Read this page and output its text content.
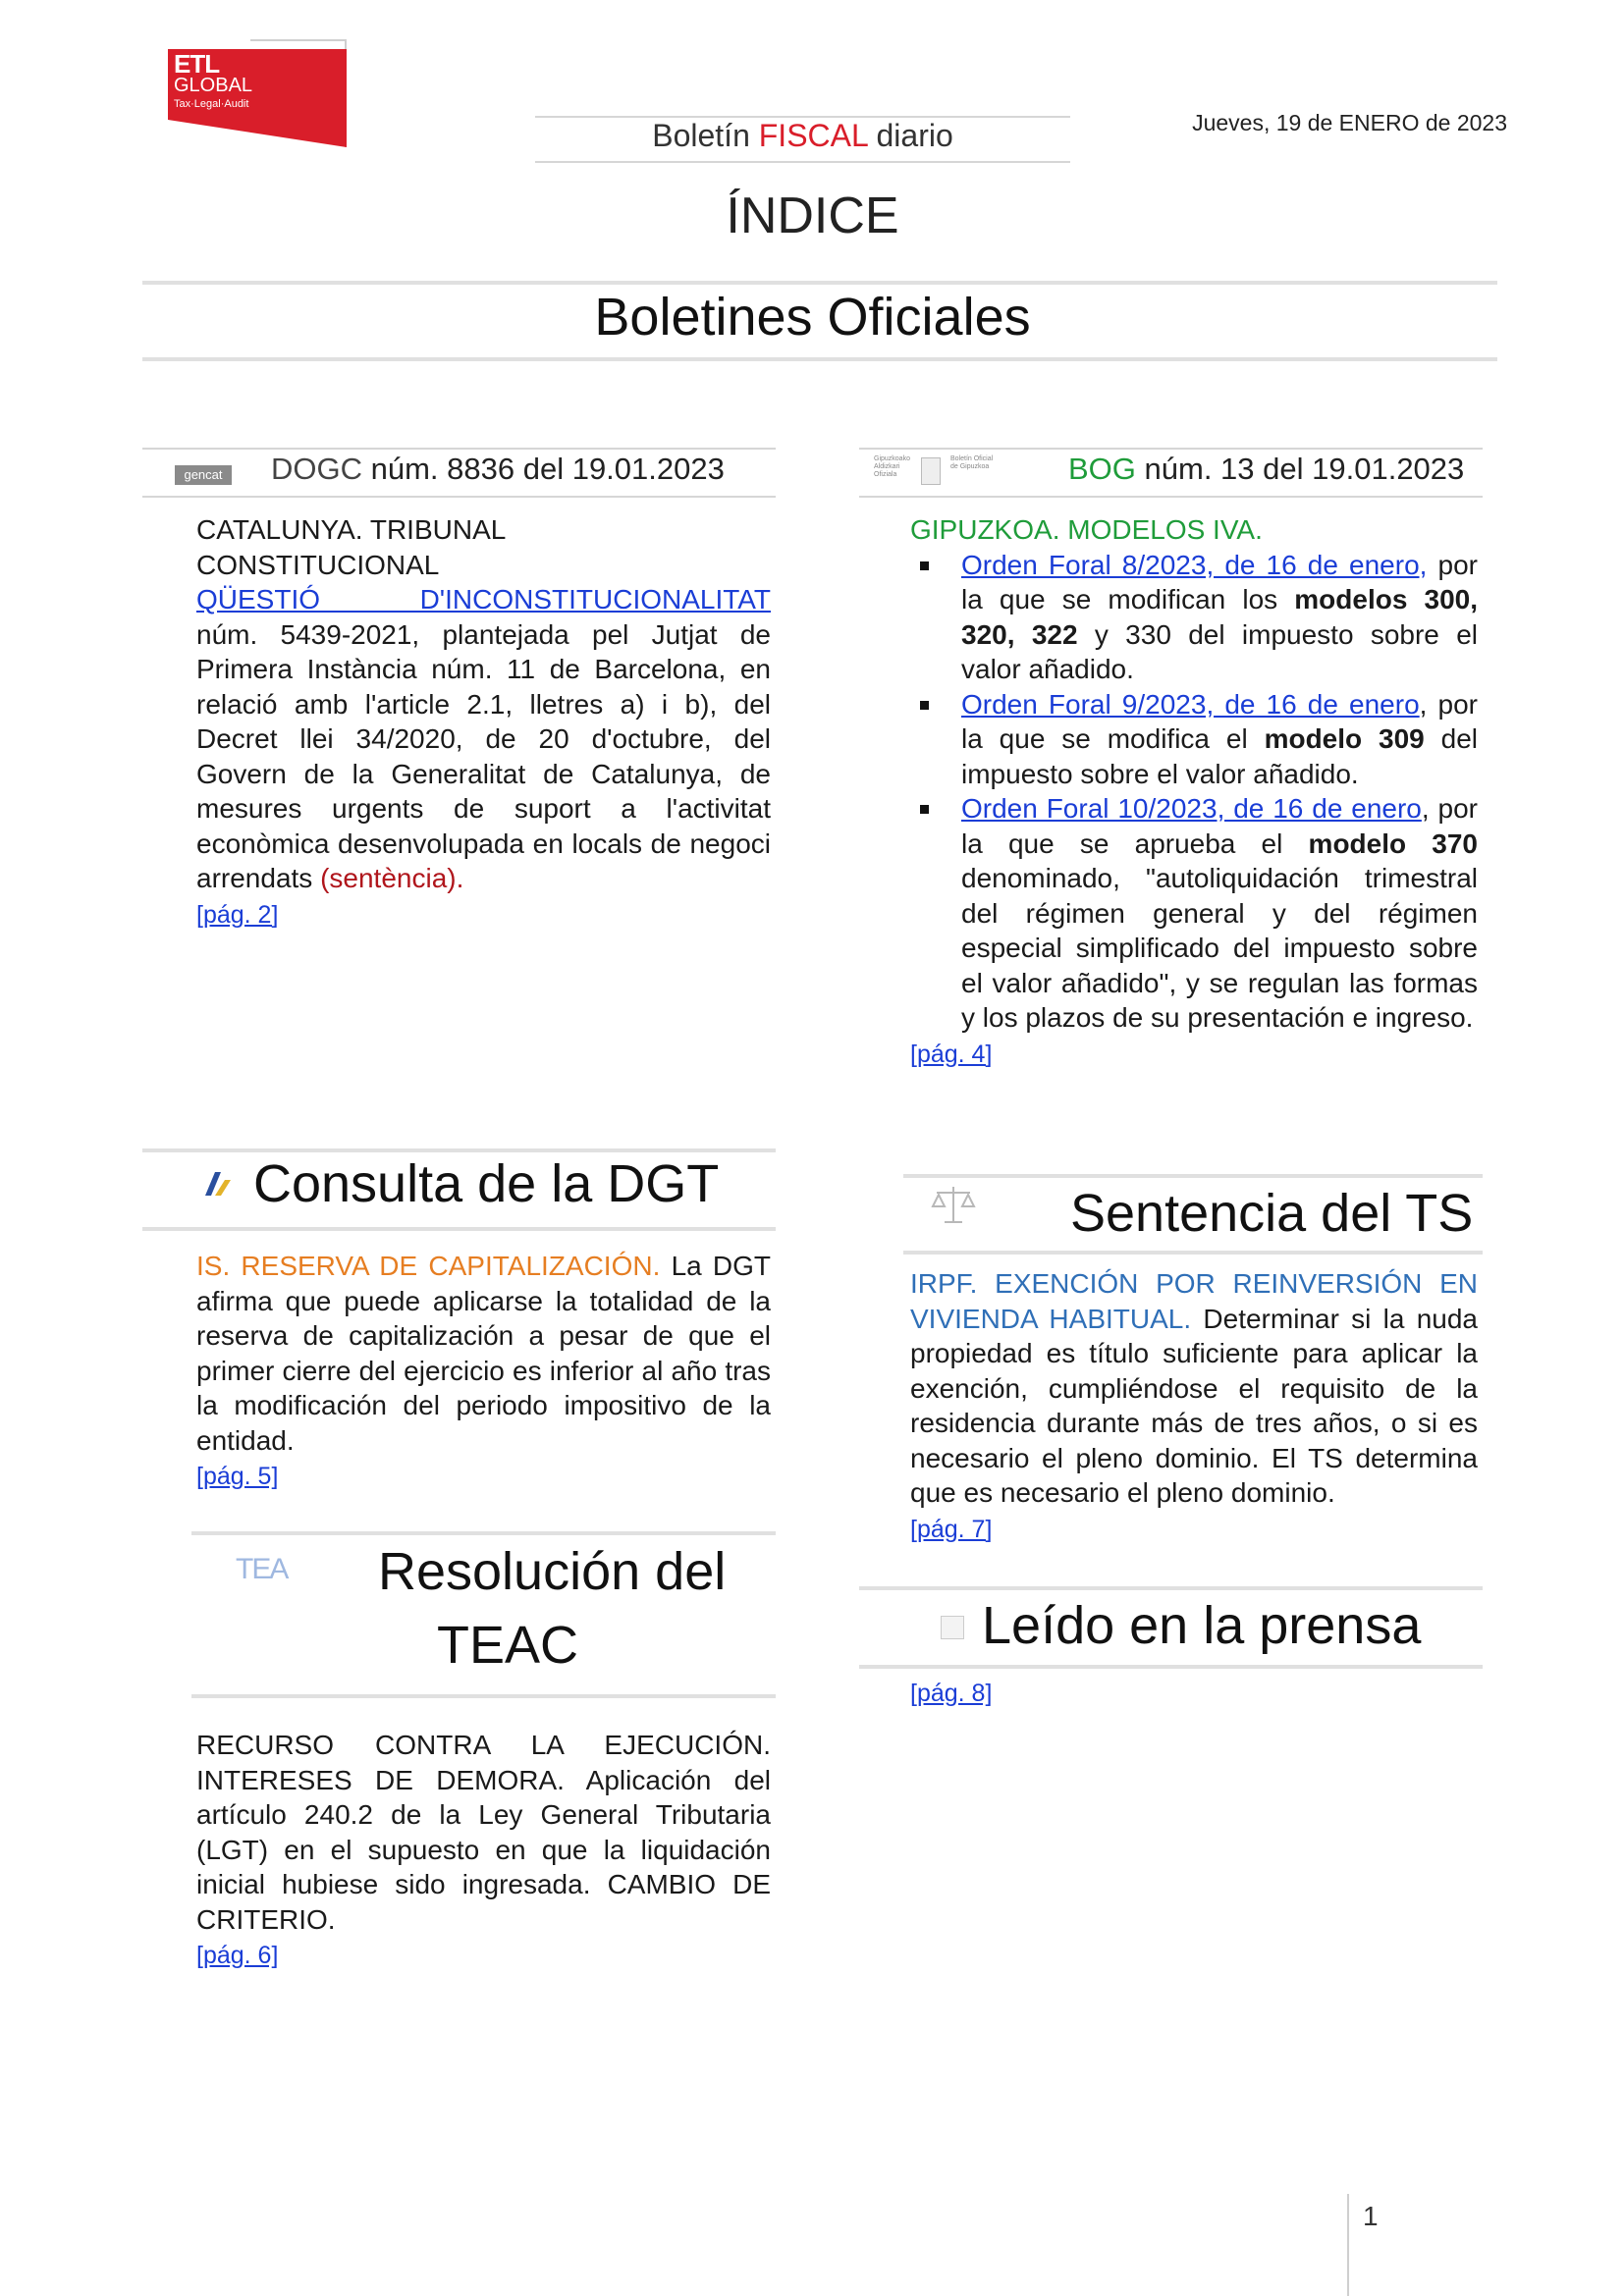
ETL
GLOBAL
Tax·Legal·Audit
Boletín FISCAL diario	Jueves, 19 de ENERO de 2023
ÍNDICE
Boletines Oficiales
gencat	DOGC núm. 8836 del 19.01.2023

CATALUNYA. TRIBUNAL
CONSTITUCIONAL

QÜESTIÓ D'INCONSTITUCIONALITAT
núm. 5439-2021, plantejada pel Jutjat de Primera Instància núm. 11 de Barcelona, en relació amb l'article 2.1, lletres a) i b), del Decret llei 34/2020, de 20 d'octubre, del Govern de la Generalitat de Catalunya, de mesures urgents de suport a l'activitat econòmica desenvolupada en locals de negoci arrendats (sentència).

[pág. 2]

Gipuzkoako Aldizkari Ofiziala
Boletín Oficial de Gipuzkoa	BOG núm. 13 del 19.01.2023

GIPUZKOA. MODELOS IVA.

Orden Foral 8/2023, de 16 de enero, por la que se modifican los modelos 300, 320, 322 y 330 del impuesto sobre el valor añadido.
Orden Foral 9/2023, de 16 de enero, por la que se modifica el modelo 309 del impuesto sobre el valor añadido.
Orden Foral 10/2023, de 16 de enero, por la que se aprueba el modelo 370 denominado, "autoliquidación trimestral del régimen general y del régimen especial simplificado del impuesto sobre el valor añadido", y se regulan las formas y los plazos de su presentación e ingreso.

[pág. 4]

Consulta de la DGT

IS. RESERVA DE CAPITALIZACIÓN. La DGT afirma que puede aplicarse la totalidad de la reserva de capitalización a pesar de que el primer cierre del ejercicio es inferior al año tras la modificación del periodo impositivo de la entidad.

[pág. 5]

Sentencia del TS

IRPF. EXENCIÓN POR REINVERSIÓN EN VIVIENDA HABITUAL. Determinar si la nuda propiedad es título suficiente para aplicar la exención, cumpliéndose el requisito de la residencia durante más de tres años, o si es necesario el pleno dominio. El TS determina que es necesario el pleno dominio.

[pág. 7]

TEA Resolución del
TEAC

RECURSO CONTRA LA EJECUCIÓN. INTERESES DE DEMORA. Aplicación del artículo 240.2 de la Ley General Tributaria (LGT) en el supuesto en que la liquidación inicial hubiese sido ingresada. CAMBIO DE CRITERIO.

[pág. 6]

Leído en la prensa

[pág. 8]

1
